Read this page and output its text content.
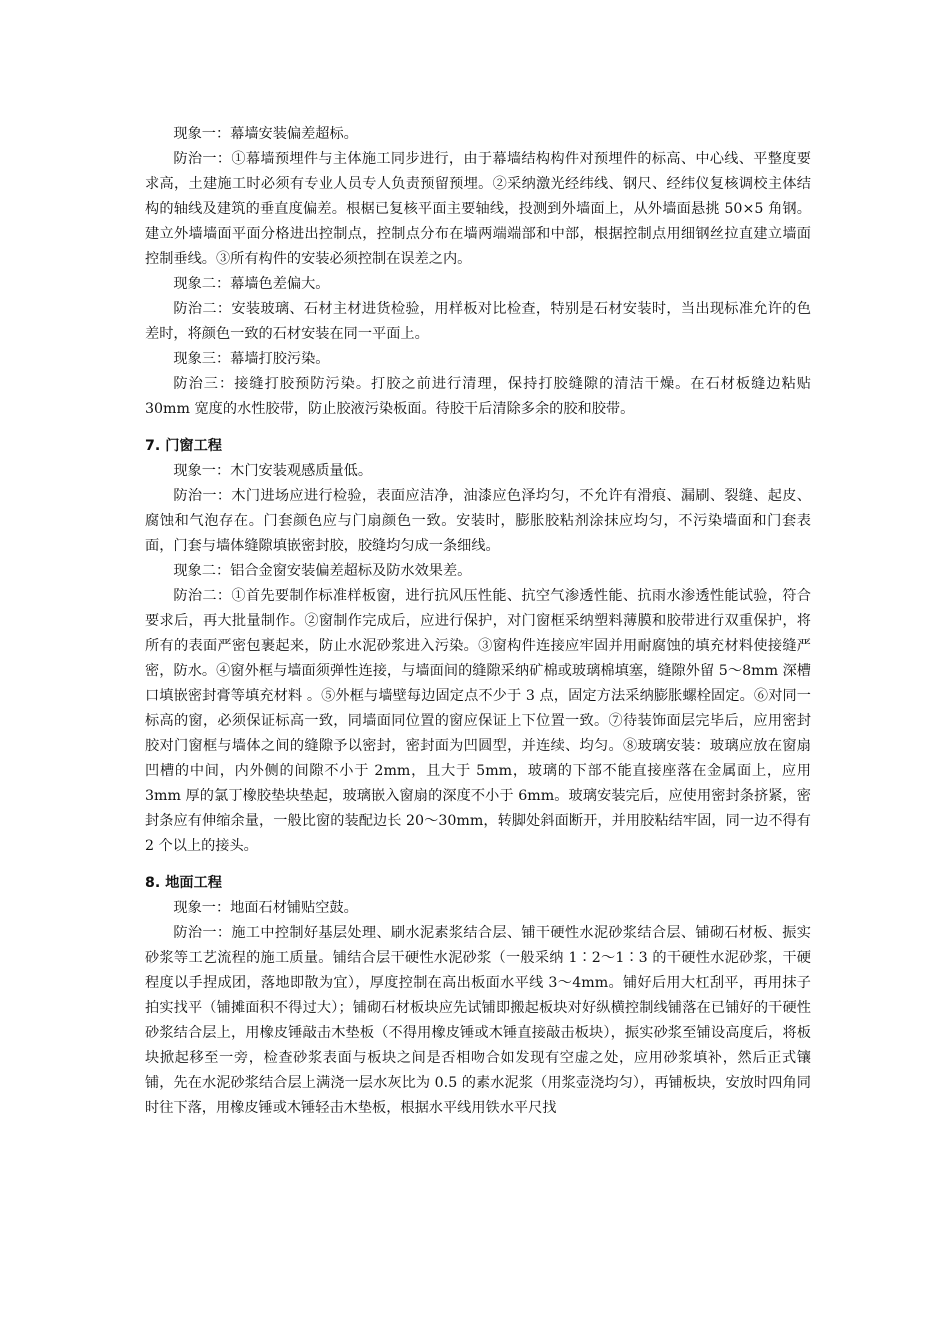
现象一：幕墙安装偏差超标。

防治一：①幕墙预埋件与主体施工同步进行，由于幕墙结构构件对预埋件的标高、中心线、平整度要求高，土建施工时必须有专业人员专人负责预留预埋。②采纳激光经纬线、钢尺、经纬仪复核调校主体结构的轴线及建筑的垂直度偏差。根椐已复核平面主要轴线，投测到外墙面上，从外墙面悬挑 50×5 角钢。建立外墙墙面平面分格进出控制点，控制点分布在墙两端端部和中部，根据控制点用细钢丝拉直建立墙面控制垂线。③所有构件的安装必须控制在误差之内。

现象二：幕墙色差偏大。

防治二：安装玻璃、石材主材进货检验，用样板对比检查，特别是石材安装时，当出现标准允许的色差时，将颜色一致的石材安装在同一平面上。

现象三：幕墙打胶污染。

防治三：接缝打胶预防污染。打胶之前进行清理，保持打胶缝隙的清洁干燥。在石材板缝边粘贴 30mm 宽度的水性胶带，防止胶液污染板面。待胶干后清除多余的胶和胶带。

7. 门窗工程

现象一：木门安装观感质量低。

防治一：木门进场应进行检验，表面应洁净，油漆应色泽均匀，不允许有滑痕、漏刷、裂缝、起皮、腐蚀和气泡存在。门套颜色应与门扇颜色一致。安装时，膨胀胶粘剂涂抹应均匀，不污染墙面和门套表面，门套与墙体缝隙填嵌密封胶，胶缝均匀成一条细线。

现象二：铝合金窗安装偏差超标及防水效果差。

防治二：①首先要制作标准样板窗，进行抗风压性能、抗空气渗透性能、抗雨水渗透性能试验，符合要求后，再大批量制作。②窗制作完成后，应进行保护，对门窗框采纳塑料薄膜和胶带进行双重保护，将所有的表面严密包裹起来，防止水泥砂浆进入污染。③窗构件连接应牢固并用耐腐蚀的填充材料使接缝严密，防水。④窗外框与墙面须弹性连接，与墙面间的缝隙采纳矿棉或玻璃棉填塞，缝隙外留 5～8mm 深槽口填嵌密封膏等填充材料 。⑤外框与墙壁每边固定点不少于 3 点，固定方法采纳膨胀螺栓固定。⑥对同一标高的窗，必须保证标高一致，同墙面同位置的窗应保证上下位置一致。⑦待装饰面层完毕后，应用密封胶对门窗框与墙体之间的缝隙予以密封，密封面为凹圆型，并连续、均匀。⑧玻璃安装：玻璃应放在窗扇凹槽的中间，内外侧的间隙不小于 2mm，且大于 5mm，玻璃的下部不能直接座落在金属面上，应用 3mm 厚的氯丁橡胶垫块垫起，玻璃嵌入窗扇的深度不小于 6mm。玻璃安装完后，应使用密封条挤紧，密封条应有伸缩余量，一般比窗的装配边长 20～30mm，转脚处斜面断开，并用胶粘结牢固，同一边不得有 2 个以上的接头。

8. 地面工程

现象一：地面石材铺贴空鼓。

防治一：施工中控制好基层处理、刷水泥素浆结合层、铺干硬性水泥砂浆结合层、铺砌石材板、振实砂浆等工艺流程的施工质量。铺结合层干硬性水泥砂浆（一般采纳 1∶2～1∶3 的干硬性水泥砂浆，干硬程度以手捏成团，落地即散为宜），厚度控制在高出板面水平线 3～4mm。铺好后用大杠刮平，再用抹子拍实找平（铺摊面积不得过大）；铺砌石材板块应先试铺即搬起板块对好纵横控制线铺落在已铺好的干硬性砂浆结合层上，用橡皮锤敲击木垫板（不得用橡皮锤或木锤直接敲击板块），振实砂浆至铺设高度后，将板块掀起移至一旁，检查砂浆表面与板块之间是否相吻合如发现有空虚之处，应用砂浆填补，然后正式镶铺，先在水泥砂浆结合层上满浇一层水灰比为 0.5 的素水泥浆（用浆壶浇均匀），再铺板块，安放时四角同时往下落，用橡皮锤或木锤轻击木垫板，根据水平线用铁水平尺找
